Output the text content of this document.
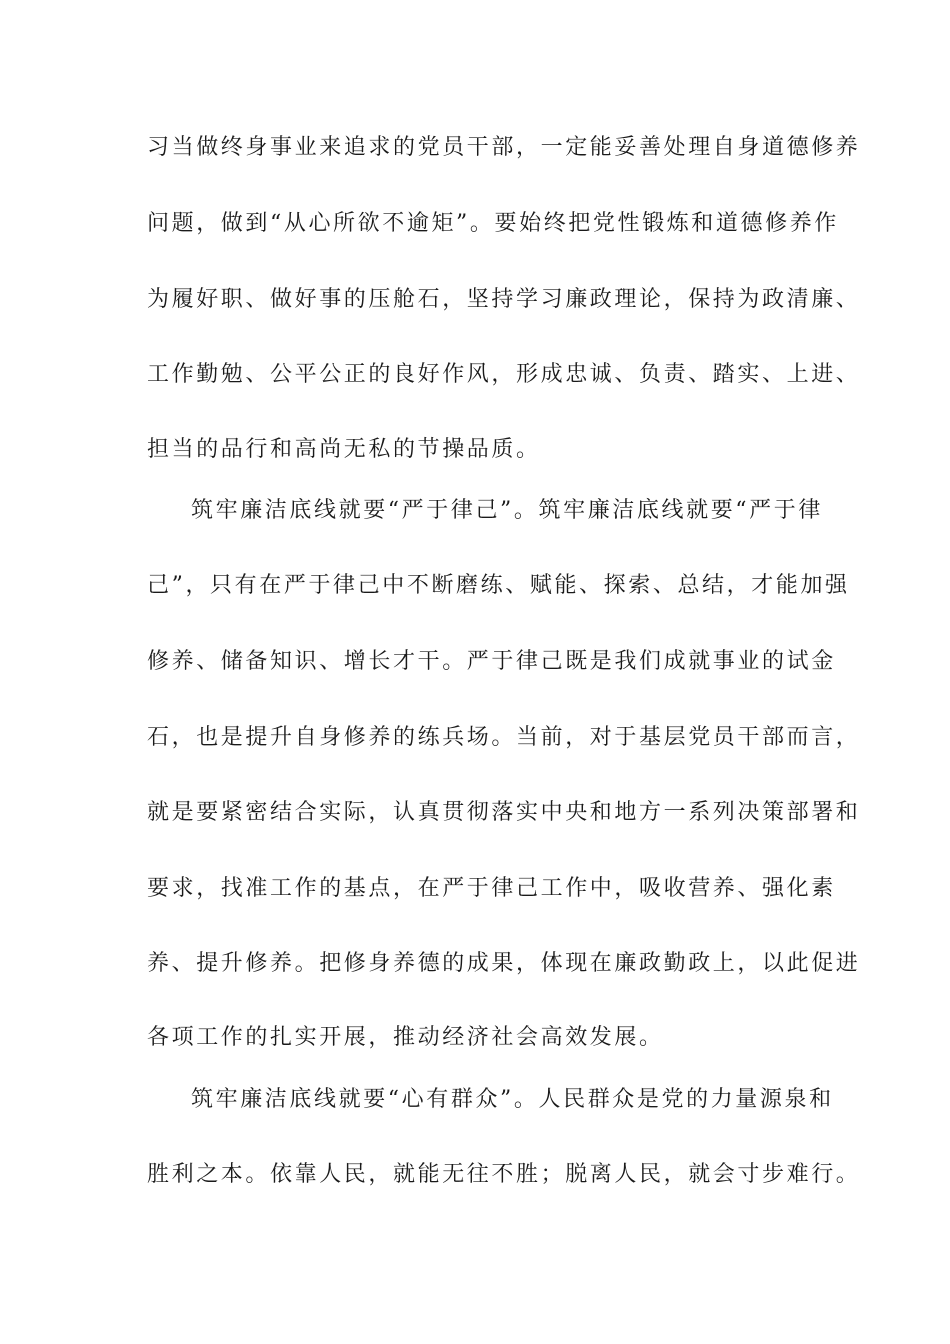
习当做终身事业来追求的党员干部，一定能妥善处理自身道德修养
问题，做到“从心所欲不逾矩”。要始终把党性锻炼和道德修养作
为履好职、做好事的压舱石，坚持学习廉政理论，保持为政清廉、
工作勤勉、公平公正的良好作风，形成忠诚、负责、踏实、上进、
担当的品行和高尚无私的节操品质。
筑牢廉洁底线就要“严于律己”。筑牢廉洁底线就要“严于律
己”，只有在严于律己中不断磨练、赋能、探索、总结，才能加强
修养、储备知识、增长才干。严于律己既是我们成就事业的试金
石，也是提升自身修养的练兵场。当前，对于基层党员干部而言，
就是要紧密结合实际，认真贯彻落实中央和地方一系列决策部署和
要求，找准工作的基点，在严于律己工作中，吸收营养、强化素
养、提升修养。把修身养德的成果，体现在廉政勤政上，以此促进
各项工作的扎实开展，推动经济社会高效发展。
筑牢廉洁底线就要“心有群众”。人民群众是党的力量源泉和
胜利之本。依靠人民，就能无往不胜；脱离人民，就会寸步难行。
